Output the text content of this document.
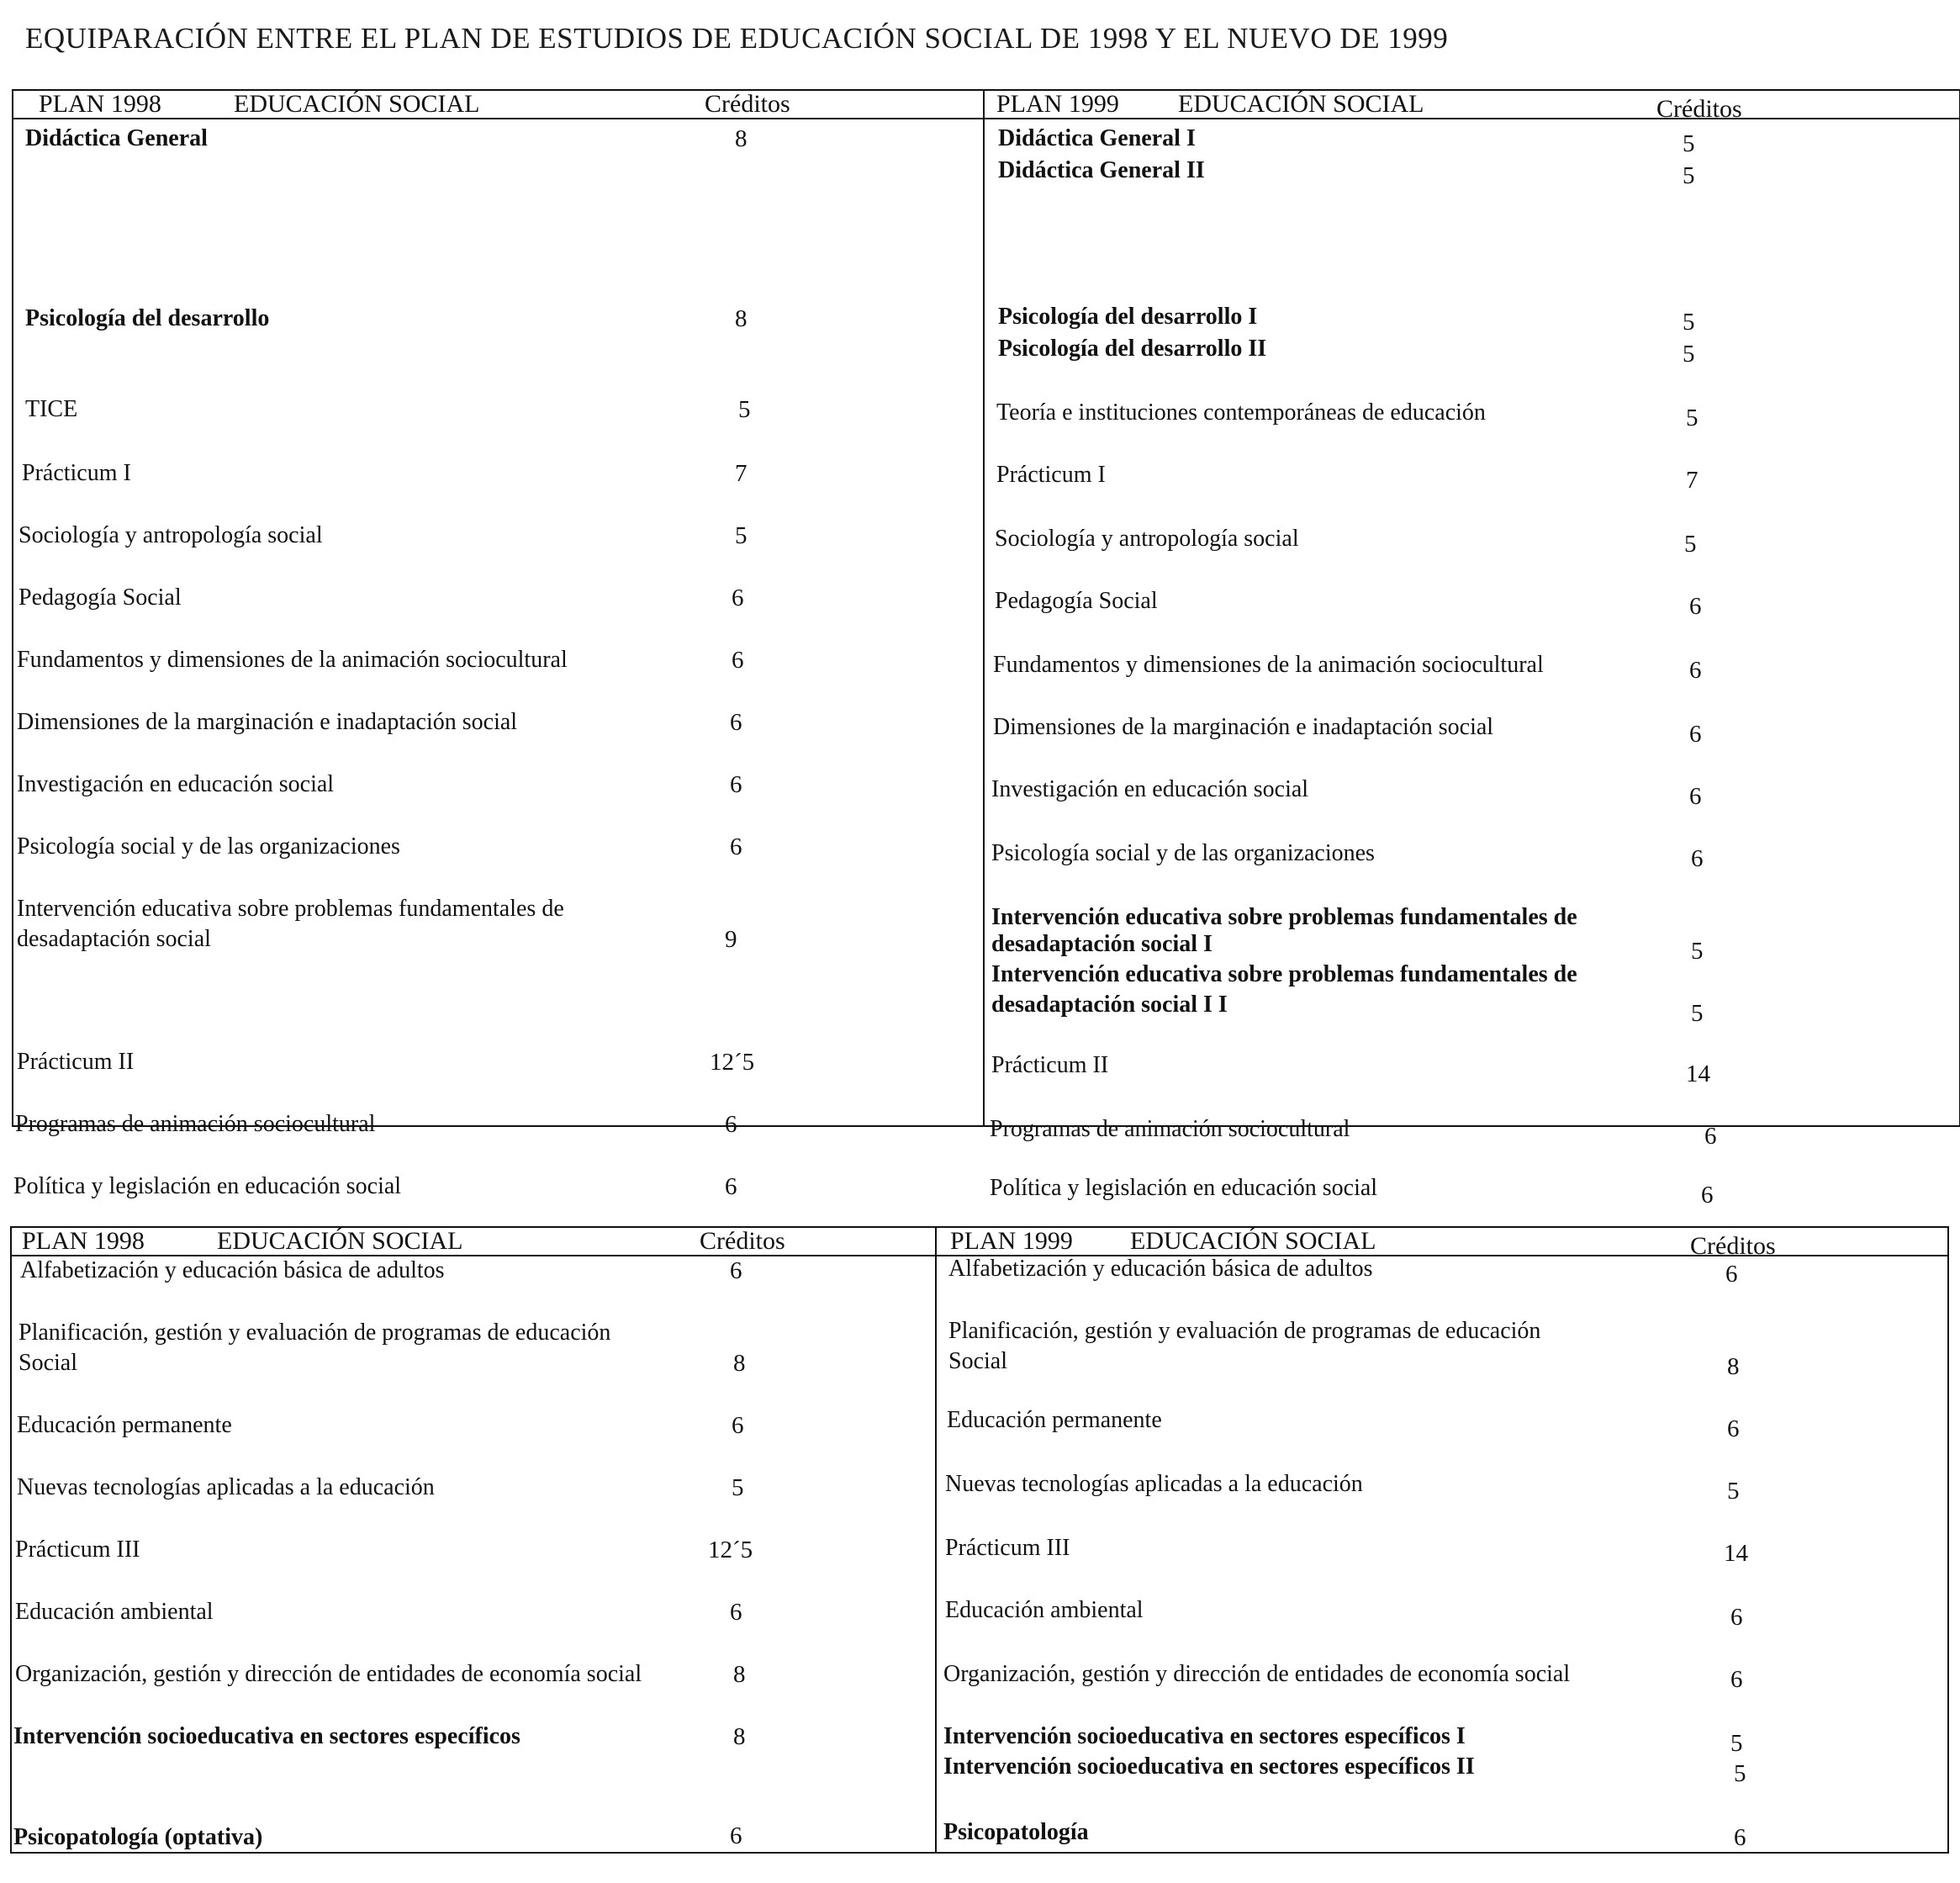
EQUIPARACIÓN ENTRE EL PLAN DE ESTUDIOS DE EDUCACIÓN SOCIAL DE 1998 Y EL NUEVO DE 1999
PLAN 1998	EDUCACIÓN SOCIAL	Créditos
Didáctica General	8
Psicología del desarrollo	8
TICE	5
Prácticum I	7
Sociología y antropología social	5
Pedagogía Social	6
Fundamentos y dimensiones de la animación sociocultural	6
Dimensiones de la marginación e inadaptación social	6
Investigación en educación social	6
Psicología social y de las organizaciones	6
Intervención educativa sobre problemas fundamentales de
desadaptación social	9
Prácticum II	12´5
Programas de animación sociocultural	6
Política y legislación en educación social	6
PLAN 1999 EDUCACIÓN SOCIAL	Créditos
Didáctica General I	5
Didáctica General II	5
Psicología del desarrollo I	5
Psicología del desarrollo II	5
Teoría e instituciones contemporáneas de educación	5
Prácticum I	7
Sociología y antropología social	5
Pedagogía Social	6
Fundamentos y dimensiones de la animación sociocultural	6
Dimensiones de la marginación e inadaptación social	6
Investigación en educación social	6
Psicología social y de las organizaciones	6
Intervención educativa sobre problemas fundamentales de
desadaptación social I	5
Intervención educativa sobre problemas fundamentales de
desadaptación social I I	5
Prácticum II	14
Programas de animación sociocultural	6
Política y legislación en educación social	6
PLAN 1998	EDUCACIÓN SOCIAL	Créditos
Alfabetización y educación básica de adultos	6
Planificación, gestión y evaluación de programas de educación
Social	8
Educación permanente	6
Nuevas tecnologías aplicadas a la educación	5
Prácticum III	12´5
Educación ambiental	6
Organización, gestión y dirección de entidades de economía social	8
Intervención socioeducativa en sectores específicos	8
Psicopatología (optativa)	6
PLAN 1999 EDUCACIÓN SOCIAL	Créditos
Alfabetización y educación básica de adultos	6
Planificación, gestión y evaluación de programas de educación
Social	8
Educación permanente	6
Nuevas tecnologías aplicadas a la educación	5
Prácticum III	14
Educación ambiental	6
Organización, gestión y dirección de entidades de economía social	6
Intervención socioeducativa en sectores específicos I	5
Intervención socioeducativa en sectores específicos II	5
Psicopatología	6
